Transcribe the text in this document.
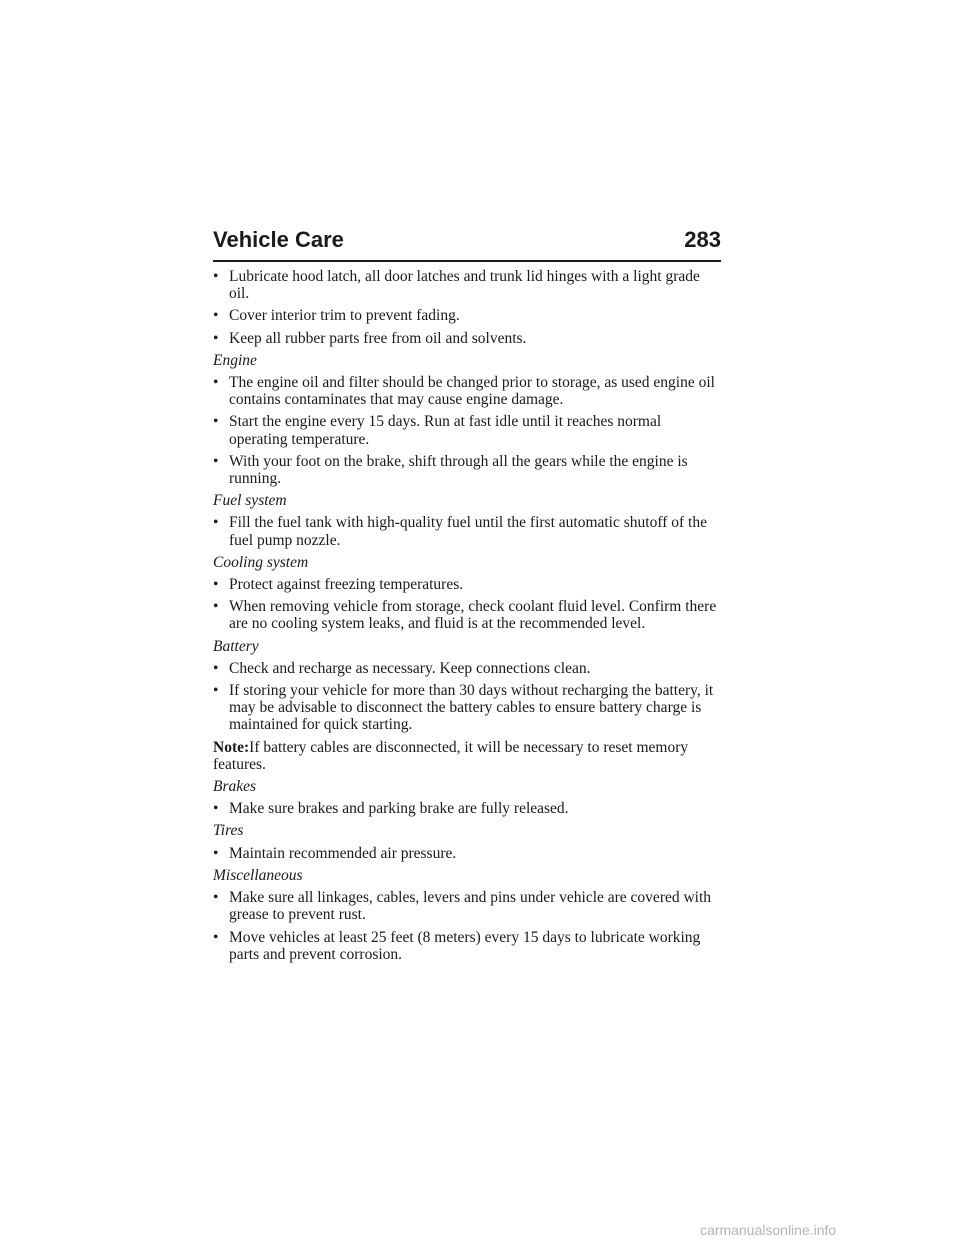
Vehicle Care	283
• Lubricate hood latch, all door latches and trunk lid hinges with a light grade oil.
• Cover interior trim to prevent fading.
• Keep all rubber parts free from oil and solvents.
Engine
• The engine oil and filter should be changed prior to storage, as used engine oil contains contaminates that may cause engine damage.
• Start the engine every 15 days. Run at fast idle until it reaches normal operating temperature.
• With your foot on the brake, shift through all the gears while the engine is running.
Fuel system
• Fill the fuel tank with high-quality fuel until the first automatic shutoff of the fuel pump nozzle.
Cooling system
• Protect against freezing temperatures.
• When removing vehicle from storage, check coolant fluid level. Confirm there are no cooling system leaks, and fluid is at the recommended level.
Battery
• Check and recharge as necessary. Keep connections clean.
• If storing your vehicle for more than 30 days without recharging the battery, it may be advisable to disconnect the battery cables to ensure battery charge is maintained for quick starting.
Note:If battery cables are disconnected, it will be necessary to reset memory features.
Brakes
• Make sure brakes and parking brake are fully released.
Tires
• Maintain recommended air pressure.
Miscellaneous
• Make sure all linkages, cables, levers and pins under vehicle are covered with grease to prevent rust.
• Move vehicles at least 25 feet (8 meters) every 15 days to lubricate working parts and prevent corrosion.
carmanualsonline.info
